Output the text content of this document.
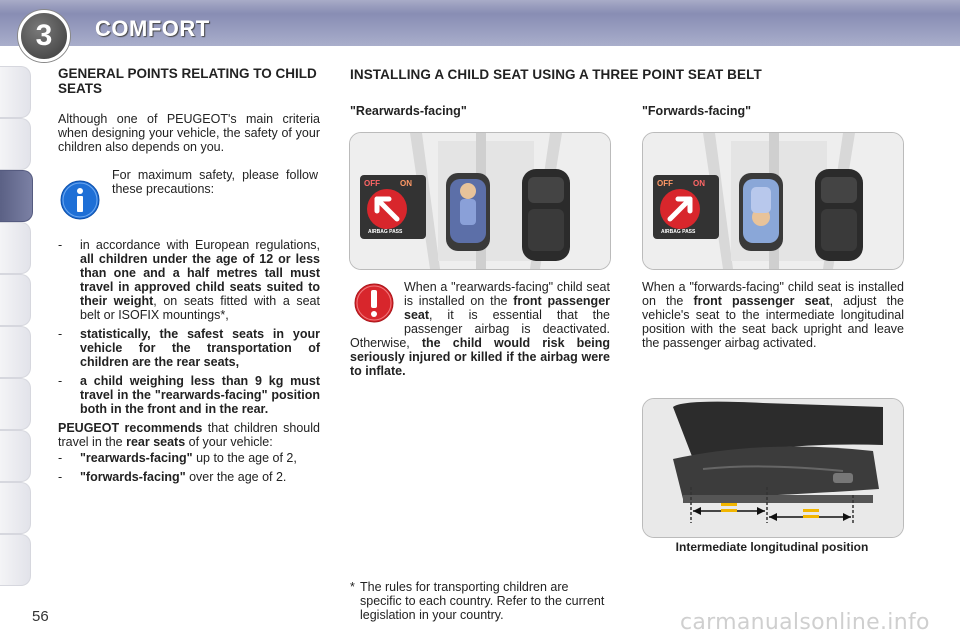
3	COMFORT
GENERAL POINTS RELATING TO CHILD SEATS

Although one of PEUGEOT's main criteria when designing your vehicle, the safety of your children also depends on you.

For maximum safety, please follow these precautions:
- in accordance with European regulations, all children under the age of 12 or less than one and a half metres tall must travel in approved child seats suited to their weight, on seats fitted with a seat belt or ISOFIX mountings*,
- statistically, the safest seats in your vehicle for the transportation of children are the rear seats,
- a child weighing less than 9 kg must travel in the "rearwards-facing" position both in the front and in the rear.

PEUGEOT recommends that children should travel in the rear seats of your vehicle:

- "rearwards-facing" up to the age of 2,
- "forwards-facing" over the age of 2.
INSTALLING A CHILD SEAT USING A THREE POINT SEAT BELT
"Rearwards-facing"	"Forwards-facing"
OFF	ON
AIRBAG PASS
OFF	ON
AIRBAG PASS
When a "rearwards-facing" child seat is installed on the front passenger seat, it is essential that the passenger airbag is deactivated. Otherwise, the child would risk being seriously injured or killed if the airbag were to inflate.
When a "forwards-facing" child seat is installed on the front passenger seat, adjust the vehicle's seat to the intermediate longitudinal position with the seat back upright and leave the passenger airbag activated.
Intermediate longitudinal position
* The rules for transporting children are specific to each country. Refer to the current legislation in your country.
56	carmanualsonline.info
